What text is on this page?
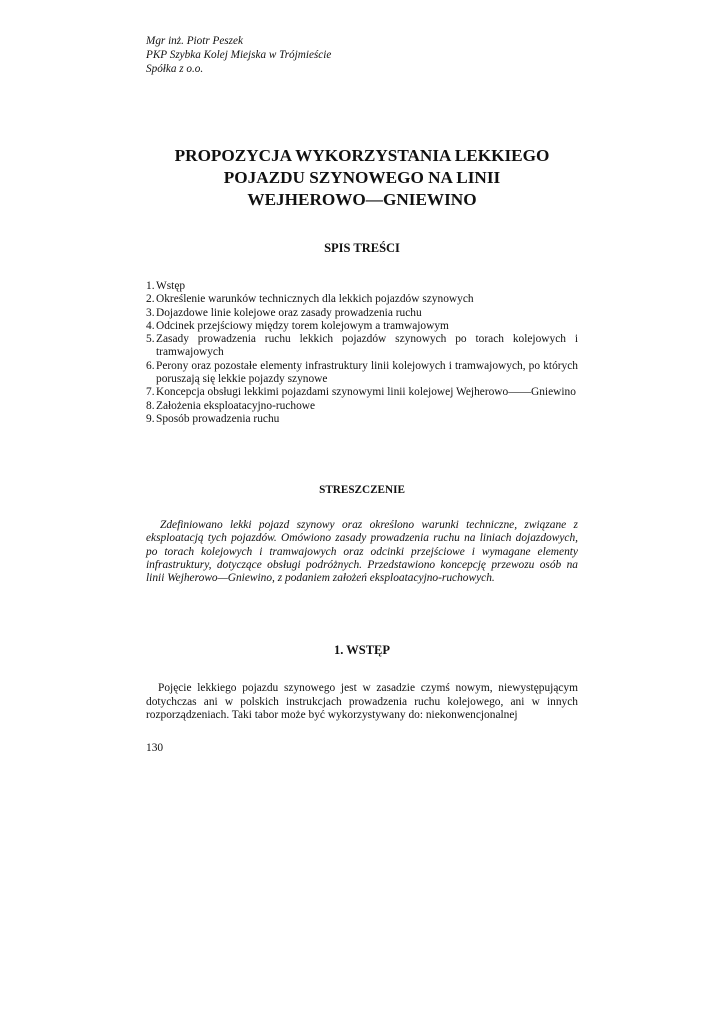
Mgr inż. Piotr Peszek
PKP Szybka Kolej Miejska w Trójmieście
Spółka z o.o.
PROPOZYCJA WYKORZYSTANIA LEKKIEGO
POJAZDU SZYNOWEGO NA LINII
WEJHEROWO—GNIEWINO
SPIS TREŚCI
1. Wstęp
2. Określenie warunków technicznych dla lekkich pojazdów szynowych
3. Dojazdowe linie kolejowe oraz zasady prowadzenia ruchu
4. Odcinek przejściowy między torem kolejowym a tramwajowym
5. Zasady prowadzenia ruchu lekkich pojazdów szynowych po torach kolejowych i tramwajowych
6. Perony oraz pozostałe elementy infrastruktury linii kolejowych i tramwajowych, po których poruszają się lekkie pojazdy szynowe
7. Koncepcja obsługi lekkimi pojazdami szynowymi linii kolejowej Wejherowo——Gniewino
8. Założenia eksploatacyjno-ruchowe
9. Sposób prowadzenia ruchu
STRESZCZENIE

Zdefiniowano lekki pojazd szynowy oraz określono warunki techniczne, związane z eksploatacją tych pojazdów. Omówiono zasady prowadzenia ruchu na liniach dojazdowych, po torach kolejowych i tramwajowych oraz odcinki przejściowe i wymagane elementy infrastruktury, dotyczące obsługi podróżnych. Przedstawiono koncepcję przewozu osób na linii Wejherowo—Gniewino, z podaniem założeń eksploatacyjno-ruchowych.

1. WSTĘP

Pojęcie lekkiego pojazdu szynowego jest w zasadzie czymś nowym, niewystępującym dotychczas ani w polskich instrukcjach prowadzenia ruchu kolejowego, ani w innych rozporządzeniach. Taki tabor może być wykorzystywany do: niekonwencjonalnej

130
